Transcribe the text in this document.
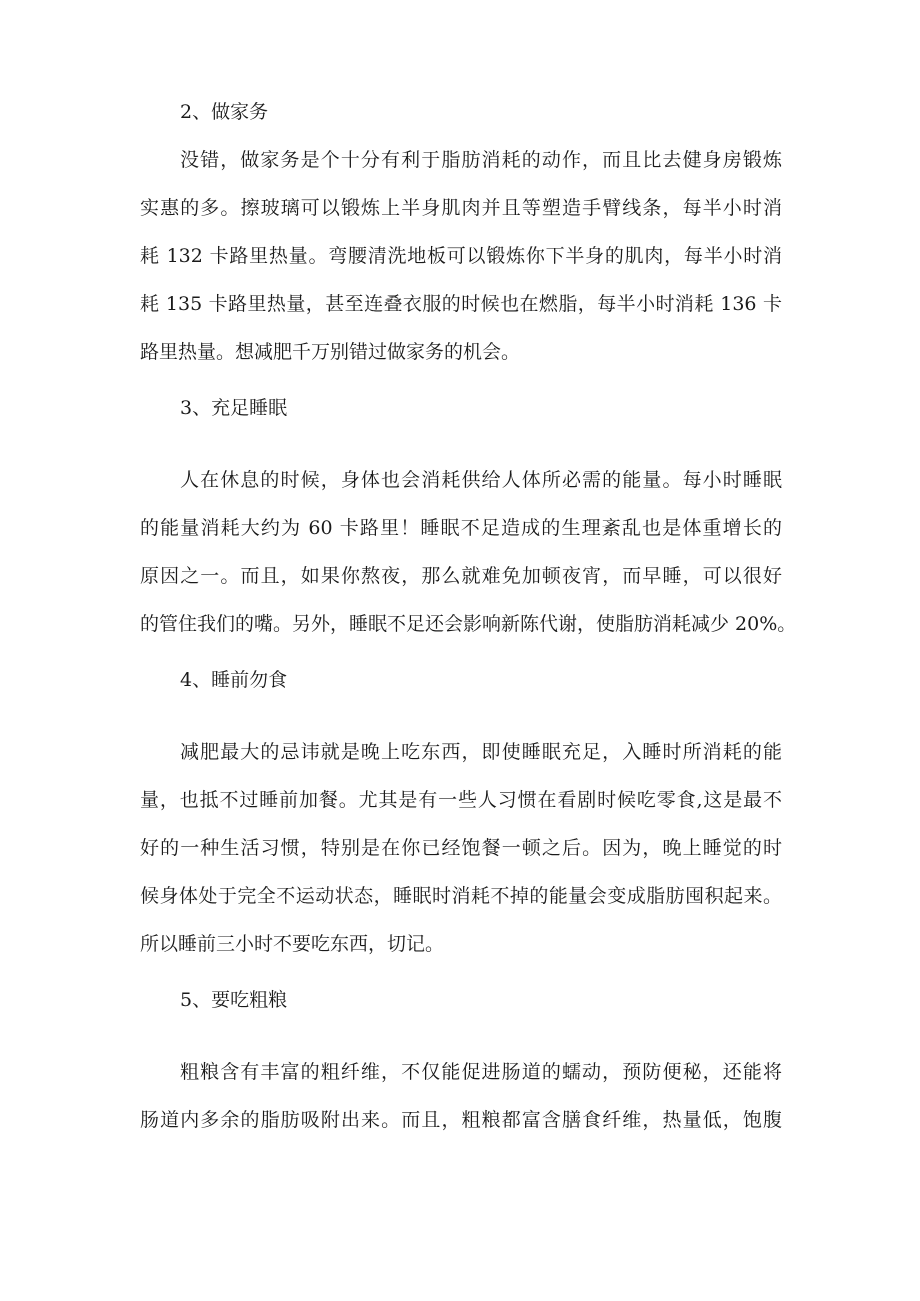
2、做家务

没错，做家务是个十分有利于脂肪消耗的动作，而且比去健身房锻炼

实惠的多。擦玻璃可以锻炼上半身肌肉并且等塑造手臂线条，每半小时消

耗 132 卡路里热量。弯腰清洗地板可以锻炼你下半身的肌肉，每半小时消

耗 135 卡路里热量，甚至连叠衣服的时候也在燃脂，每半小时消耗 136 卡

路里热量。想减肥千万别错过做家务的机会。

3、充足睡眠

人在休息的时候，身体也会消耗供给人体所必需的能量。每小时睡眠

的能量消耗大约为 60 卡路里！睡眠不足造成的生理紊乱也是体重增长的

原因之一。而且，如果你熬夜，那么就难免加顿夜宵，而早睡，可以很好

的管住我们的嘴。另外，睡眠不足还会影响新陈代谢，使脂肪消耗减少 20%。

4、睡前勿食

减肥最大的忌讳就是晚上吃东西，即使睡眠充足，入睡时所消耗的能

量，也抵不过睡前加餐。尤其是有一些人习惯在看剧时候吃零食,这是最不

好的一种生活习惯，特别是在你已经饱餐一顿之后。因为，晚上睡觉的时

候身体处于完全不运动状态，睡眠时消耗不掉的能量会变成脂肪囤积起来。

所以睡前三小时不要吃东西，切记。

5、要吃粗粮

粗粮含有丰富的粗纤维，不仅能促进肠道的蠕动，预防便秘，还能将

肠道内多余的脂肪吸附出来。而且，粗粮都富含膳食纤维，热量低，饱腹
